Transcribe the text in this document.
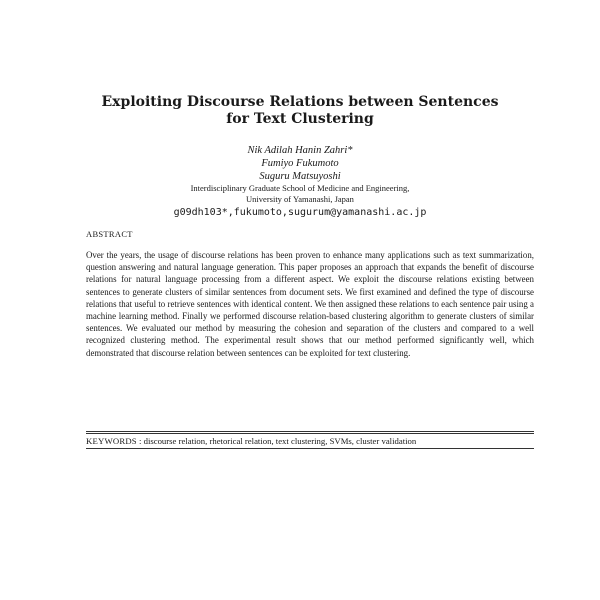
Exploiting Discourse Relations between Sentences
for Text Clustering
Nik Adilah Hanin Zahri*
Fumiyo Fukumoto
Suguru Matsuyoshi
Interdisciplinary Graduate School of Medicine and Engineering,
University of Yamanashi, Japan
g09dh103*,fukumoto,sugurum@yamanashi.ac.jp
ABSTRACT
Over the years, the usage of discourse relations has been proven to enhance many applications such as text summarization, question answering and natural language generation. This paper proposes an approach that expands the benefit of discourse relations for natural language processing from a different aspect. We exploit the discourse relations existing between sentences to generate clusters of similar sentences from document sets. We first examined and defined the type of discourse relations that useful to retrieve sentences with identical content. We then assigned these relations to each sentence pair using a machine learning method. Finally we performed discourse relation-based clustering algorithm to generate clusters of similar sentences. We evaluated our method by measuring the cohesion and separation of the clusters and compared to a well recognized clustering method. The experimental result shows that our method performed significantly well, which demonstrated that discourse relation between sentences can be exploited for text clustering.
KEYWORDS : discourse relation, rhetorical relation, text clustering, SVMs, cluster validation
